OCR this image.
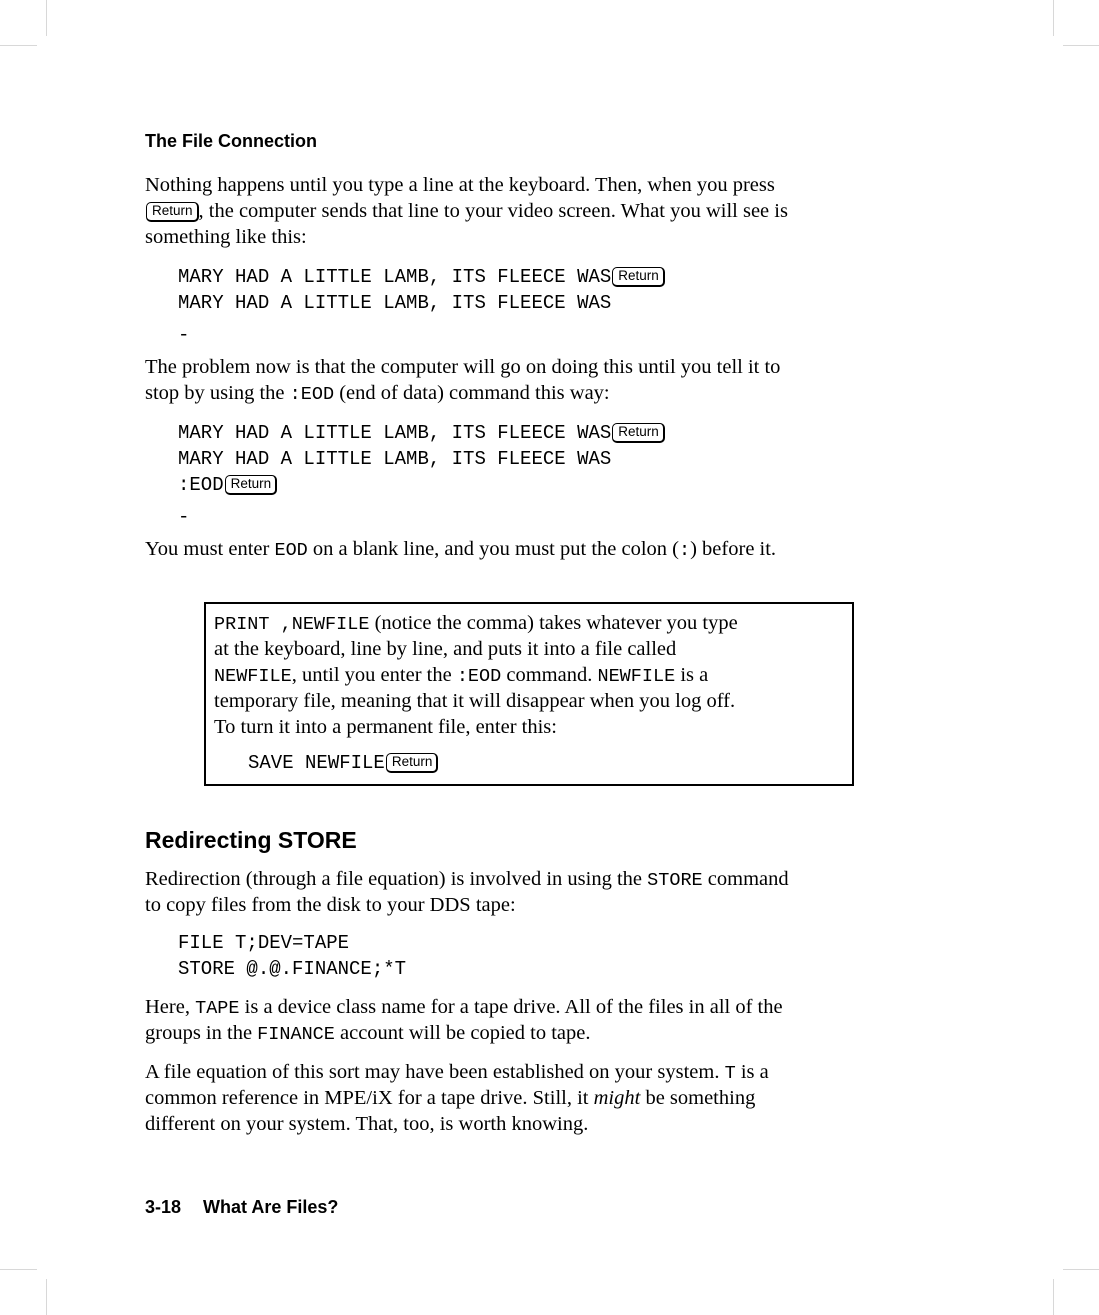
The File Connection
Nothing happens until you type a line at the keyboard. Then, when you press
Return , the computer sends that line to your video screen. What you will see is
something like this:
MARY HAD A LITTLE LAMB, ITS FLEECE WAS Return
MARY HAD A LITTLE LAMB, ITS FLEECE WAS
-
The problem now is that the computer will go on doing this until you tell it to
stop by using the :EOD (end of data) command this way:
MARY HAD A LITTLE LAMB, ITS FLEECE WAS Return
MARY HAD A LITTLE LAMB, ITS FLEECE WAS
:EOD Return
-
You must enter EOD on a blank line, and you must put the colon (:) before it.
PRINT ,NEWFILE (notice the comma) takes whatever you type
at the keyboard, line by line, and puts it into a file called
NEWFILE, until you enter the :EOD command. NEWFILE is a
temporary file, meaning that it will disappear when you log off.
To turn it into a permanent file, enter this:
SAVE NEWFILE Return
Redirecting STORE
Redirection (through a file equation) is involved in using the STORE command
to copy files from the disk to your DDS tape:
FILE T;DEV=TAPE
STORE @.@.FINANCE;*T
Here, TAPE is a device class name for a tape drive. All of the files in all of the
groups in the FINANCE account will be copied to tape.
A file equation of this sort may have been established on your system. T is a
common reference in MPE/iX for a tape drive. Still, it might be something
different on your system. That, too, is worth knowing.
3-18 What Are Files?
